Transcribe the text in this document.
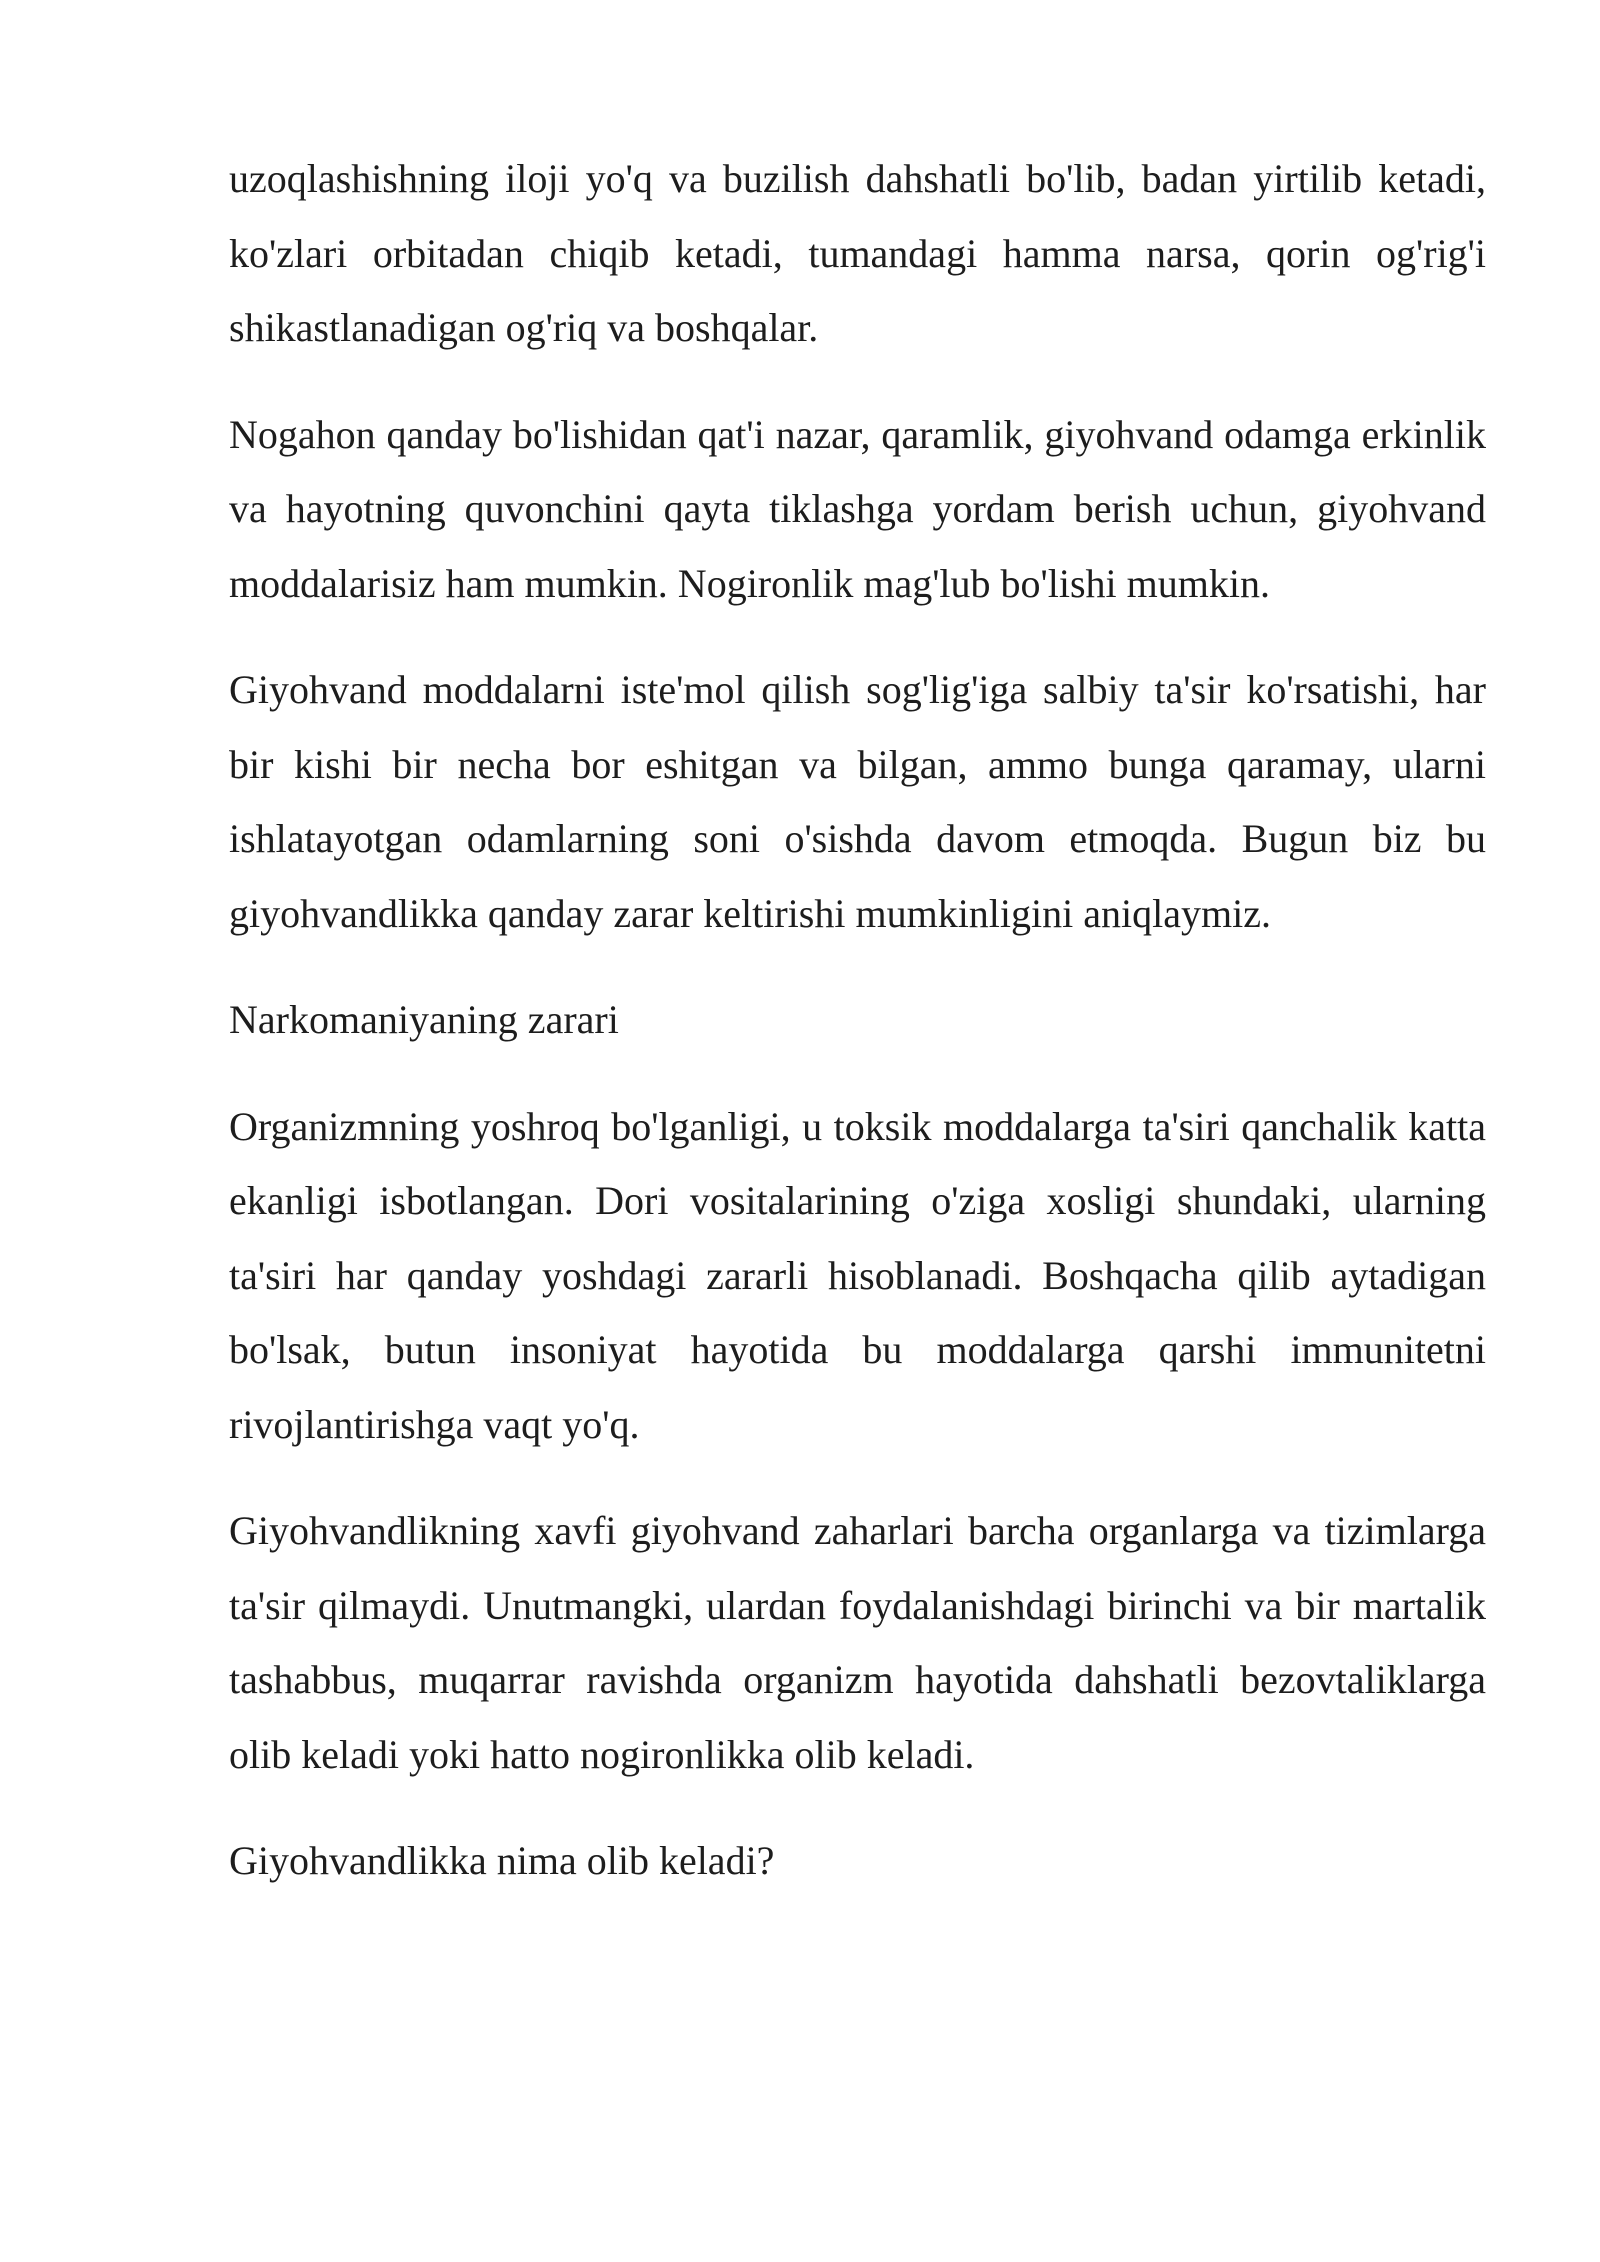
uzoqlashishning iloji yo'q va buzilish dahshatli bo'lib, badan yirtilib ketadi, ko'zlari orbitadan chiqib ketadi, tumandagi hamma narsa, qorin og'rig'i shikastlanadigan og'riq va boshqalar.

Nogahon qanday bo'lishidan qat'i nazar, qaramlik, giyohvand odamga erkinlik va hayotning quvonchini qayta tiklashga yordam berish uchun, giyohvand moddalarisiz ham mumkin. Nogironlik mag'lub bo'lishi mumkin.

Giyohvand moddalarni iste'mol qilish sog'lig'iga salbiy ta'sir ko'rsatishi, har bir kishi bir necha bor eshitgan va bilgan, ammo bunga qaramay, ularni ishlatayotgan odamlarning soni o'sishda davom etmoqda. Bugun biz bu giyohvandlikka qanday zarar keltirishi mumkinligini aniqlaymiz.

Narkomaniyaning zarari

Organizmning yoshroq bo'lganligi, u toksik moddalarga ta'siri qanchalik katta ekanligi isbotlangan. Dori vositalarining o'ziga xosligi shundaki, ularning ta'siri har qanday yoshdagi zararli hisoblanadi. Boshqacha qilib aytadigan bo'lsak, butun insoniyat hayotida bu moddalarga qarshi immunitetni rivojlantirishga vaqt yo'q.

Giyohvandlikning xavfi giyohvand zaharlari barcha organlarga va tizimlarga ta'sir qilmaydi. Unutmangki, ulardan foydalanishdagi birinchi va bir martalik tashabbus, muqarrar ravishda organizm hayotida dahshatli bezovtaliklarga olib keladi yoki hatto nogironlikka olib keladi.

Giyohvandlikka nima olib keladi?
